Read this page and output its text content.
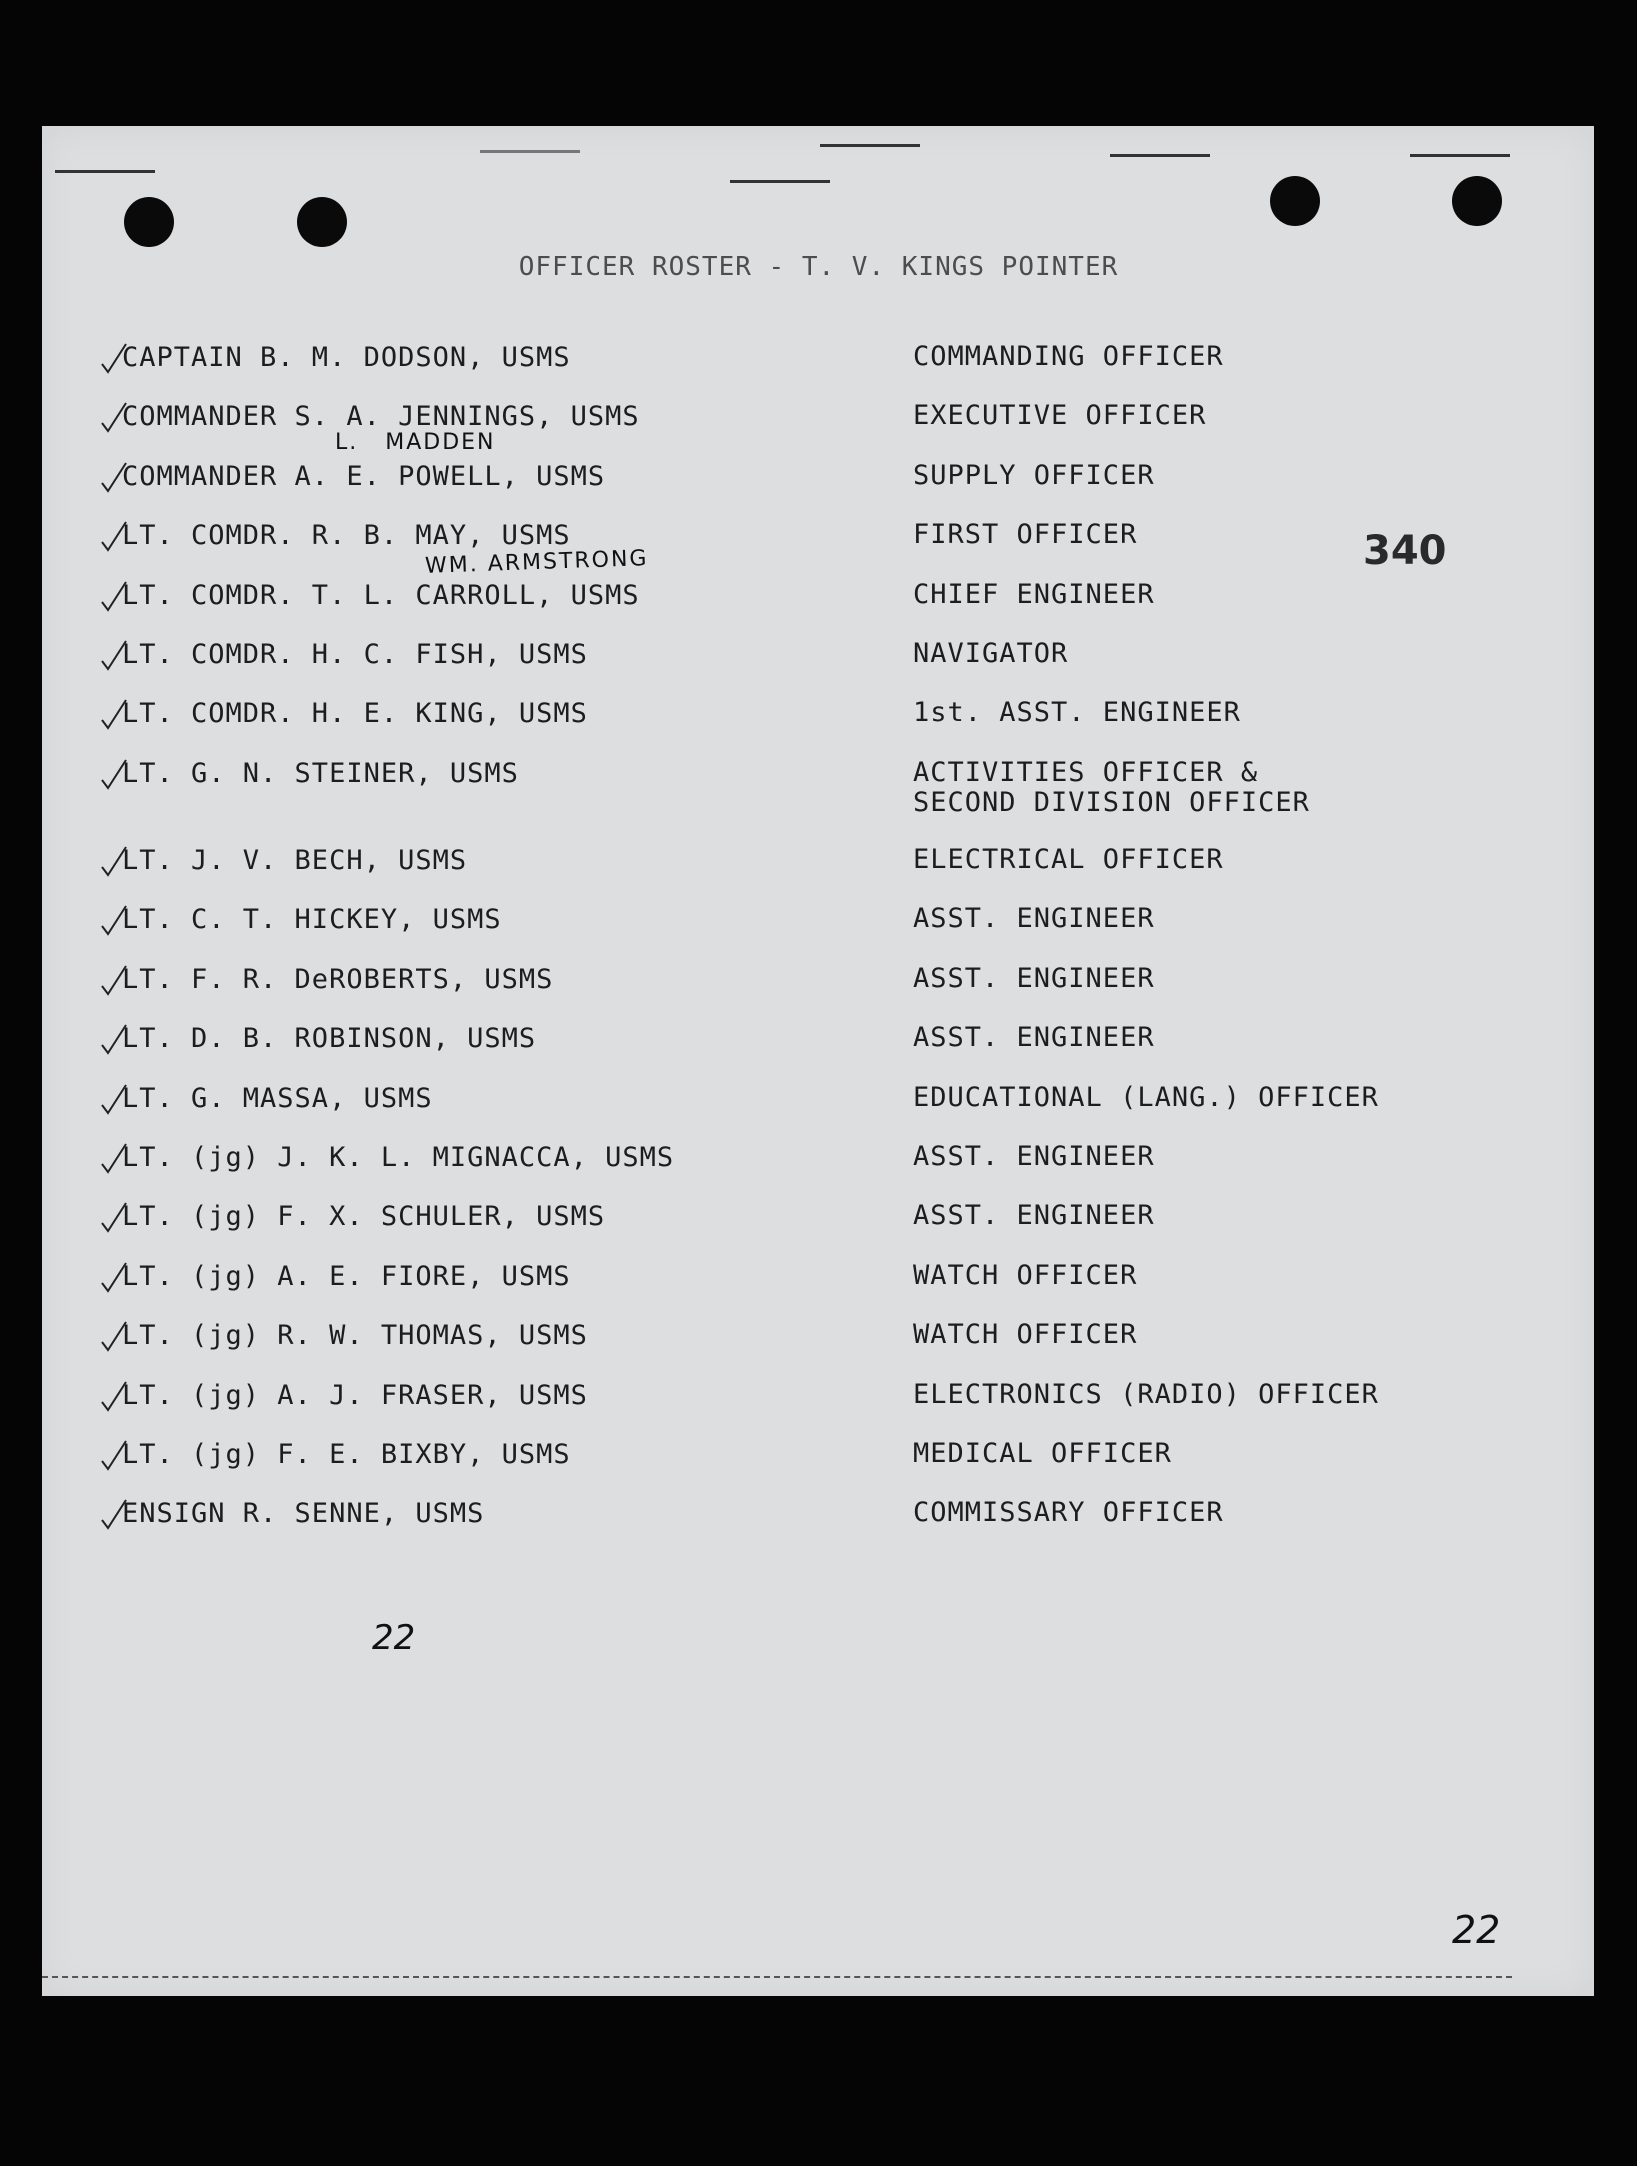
OFFICER ROSTER - T. V. KINGS POINTER
340
L.   MADDEN
WM. ARMSTRONG
CAPTAIN B. M. DODSON, USMS	COMMANDING OFFICER
COMMANDER S. A. JENNINGS, USMS	EXECUTIVE OFFICER
COMMANDER A. E. POWELL, USMS	SUPPLY OFFICER
LT. COMDR. R. B. MAY, USMS	FIRST OFFICER
LT. COMDR. T. L. CARROLL, USMS	CHIEF ENGINEER
LT. COMDR. H. C. FISH, USMS	NAVIGATOR
LT. COMDR. H. E. KING, USMS	1st. ASST. ENGINEER
LT. G. N. STEINER, USMS	ACTIVITIES OFFICER &
SECOND DIVISION OFFICER
LT. J. V. BECH, USMS	ELECTRICAL OFFICER
LT. C. T. HICKEY, USMS	ASST. ENGINEER
LT. F. R. DeROBERTS, USMS	ASST. ENGINEER
LT. D. B. ROBINSON, USMS	ASST. ENGINEER
LT. G. MASSA, USMS	EDUCATIONAL (LANG.) OFFICER
LT. (jg) J. K. L. MIGNACCA, USMS	ASST. ENGINEER
LT. (jg) F. X. SCHULER, USMS	ASST. ENGINEER
LT. (jg) A. E. FIORE, USMS	WATCH OFFICER
LT. (jg) R. W. THOMAS, USMS	WATCH OFFICER
LT. (jg) A. J. FRASER, USMS	ELECTRONICS (RADIO) OFFICER
LT. (jg) F. E. BIXBY, USMS	MEDICAL OFFICER
ENSIGN R. SENNE, USMS	COMMISSARY OFFICER
22
22
